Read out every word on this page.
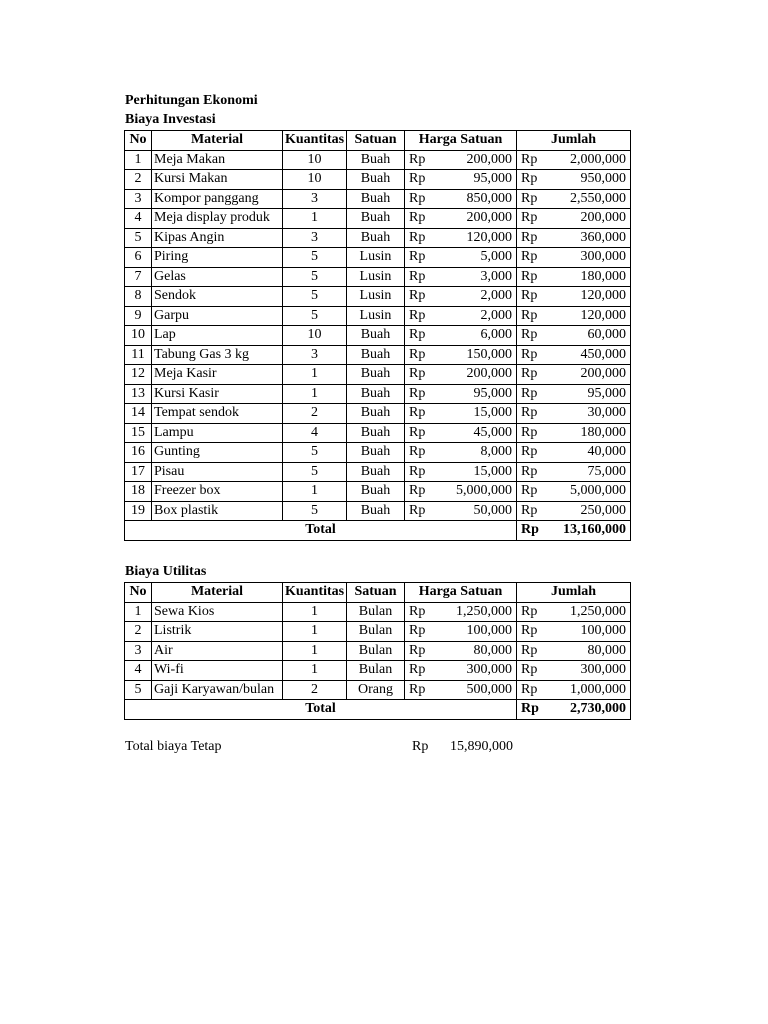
Perhitungan Ekonomi
Biaya Investasi
No	Material	Kuantitas	Satuan	Harga Satuan		Jumlah	
1	Meja Makan	10	Buah	Rp	200,000	Rp	2,000,000
2	Kursi Makan	10	Buah	Rp	95,000	Rp	950,000
3	Kompor panggang	3	Buah	Rp	850,000	Rp	2,550,000
4	Meja display produk	1	Buah	Rp	200,000	Rp	200,000
5	Kipas Angin	3	Buah	Rp	120,000	Rp	360,000
6	Piring	5	Lusin	Rp	5,000	Rp	300,000
7	Gelas	5	Lusin	Rp	3,000	Rp	180,000
8	Sendok	5	Lusin	Rp	2,000	Rp	120,000
9	Garpu	5	Lusin	Rp	2,000	Rp	120,000
10	Lap	10	Buah	Rp	6,000	Rp	60,000
11	Tabung Gas 3 kg	3	Buah	Rp	150,000	Rp	450,000
12	Meja Kasir	1	Buah	Rp	200,000	Rp	200,000
13	Kursi Kasir	1	Buah	Rp	95,000	Rp	95,000
14	Tempat sendok	2	Buah	Rp	15,000	Rp	30,000
15	Lampu	4	Buah	Rp	45,000	Rp	180,000
16	Gunting	5	Buah	Rp	8,000	Rp	40,000
17	Pisau	5	Buah	Rp	15,000	Rp	75,000
18	Freezer box	1	Buah	Rp	5,000,000	Rp	5,000,000
19	Box plastik	5	Buah	Rp	50,000	Rp	250,000
Total						Rp	13,160,000
Biaya Utilitas
No	Material	Kuantitas	Satuan	Harga Satuan		Jumlah	
1	Sewa Kios	1	Bulan	Rp	1,250,000	Rp	1,250,000
2	Listrik	1	Bulan	Rp	100,000	Rp	100,000
3	Air	1	Bulan	Rp	80,000	Rp	80,000
4	Wi-fi	1	Bulan	Rp	300,000	Rp	300,000
5	Gaji Karyawan/bulan	2	Orang	Rp	500,000	Rp	1,000,000
Total						Rp	2,730,000
Total biaya Tetap	Rp 15,890,000
